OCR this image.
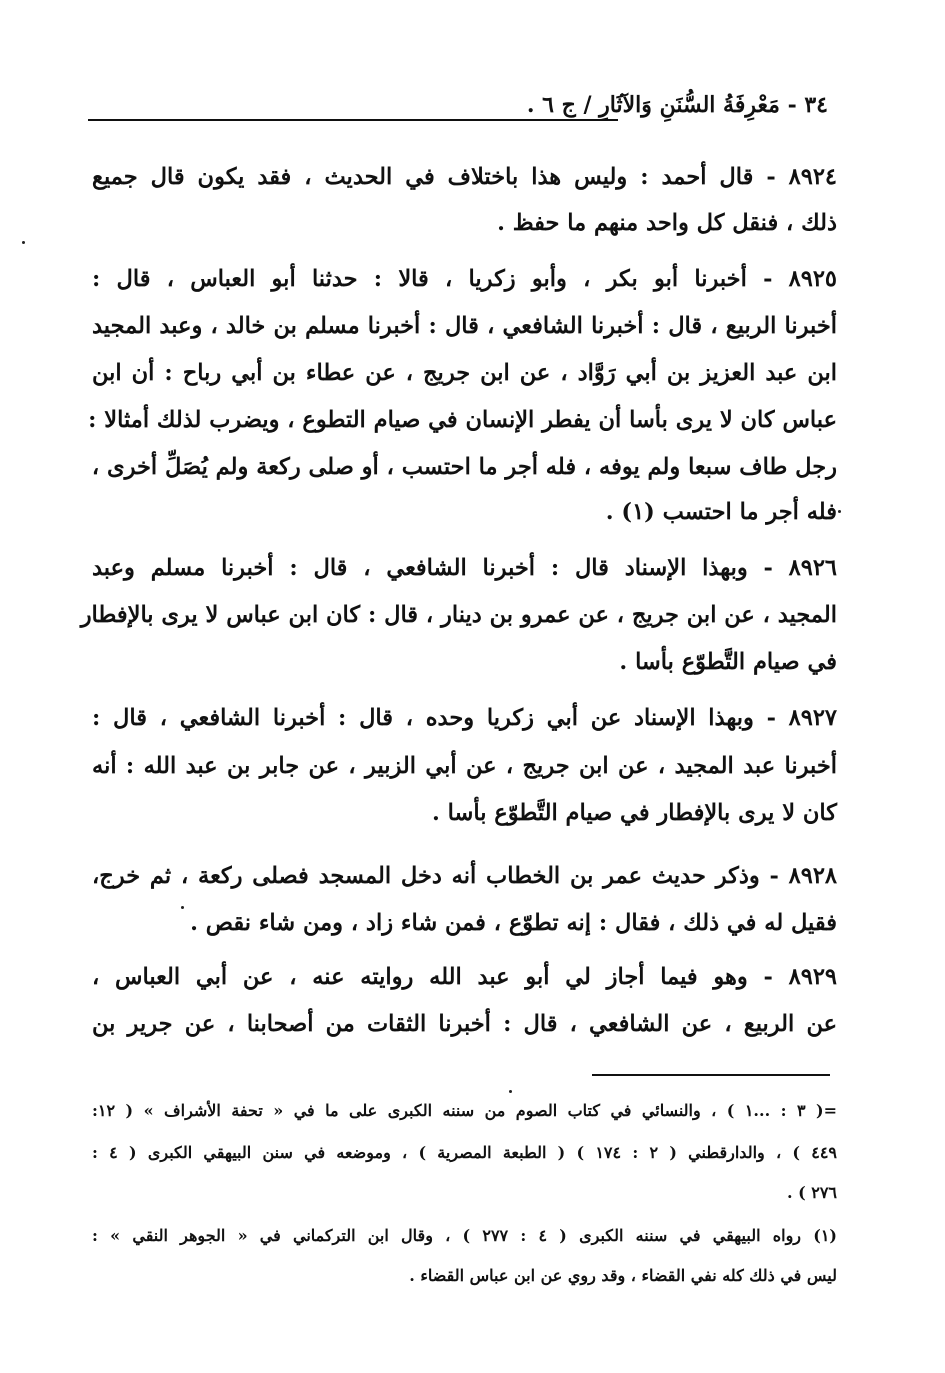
٣٤ - مَعْرِفَةُ السُّنَنِ وَالآثَارِ / ج ٦ .
٨٩٢٤ - قال أحمد : وليس هذا باختلاف في الحديث ، فقد يكون قال جميع
ذلك ، فنقل كل واحد منهم ما حفظ .
٨٩٢٥ - أخبرنا أبو بكر ، وأبو زكريا ، قالا : حدثنا أبو العباس ، قال :
أخبرنا الربيع ، قال : أخبرنا الشافعي ، قال : أخبرنا مسلم بن خالد ، وعبد المجيد
ابن عبد العزيز بن أبي رَوَّاد ، عن ابن جريج ، عن عطاء بن أبي رباح : أن ابن
عباس كان لا يرى بأسا أن يفطر الإنسان في صيام التطوع ، ويضرب لذلك أمثالا :
رجل طاف سبعا ولم يوفه ، فله أجر ما احتسب ، أو صلى ركعة ولم يُصَلِّ أخرى ،
فله أجر ما احتسب (١) .
٨٩٢٦ - وبهذا الإسناد قال : أخبرنا الشافعي ، قال : أخبرنا مسلم وعبد
المجيد ، عن ابن جريج ، عن عمرو بن دينار ، قال : كان ابن عباس لا يرى بالإفطار
في صيام التَّطوّع بأسا .
٨٩٢٧ - وبهذا الإسناد عن أبي زكريا وحده ، قال : أخبرنا الشافعي ، قال :
أخبرنا عبد المجيد ، عن ابن جريج ، عن أبي الزبير ، عن جابر بن عبد الله : أنه
كان لا يرى بالإفطار في صيام التَّطوّع بأسا .
٨٩٢٨ - وذكر حديث عمر بن الخطاب أنه دخل المسجد فصلى ركعة ، ثم خرج،
فقيل له في ذلك ، فقال : إنه تطوّع ، فمن شاء زاد ، ومن شاء نقص .
٨٩٢٩ - وهو فيما أجاز لي أبو عبد الله روايته عنه ، عن أبي العباس ،
عن الربيع ، عن الشافعي ، قال : أخبرنا الثقات من أصحابنا ، عن جرير بن
=( ٣ : ...١ ) ، والنسائي في كتاب الصوم من سننه الكبرى على ما في « تحفة الأشراف » ( ١٢:
٤٤٩ ) ، والدارقطني ( ٢ : ١٧٤ ) ( الطبعة المصرية ) ، وموضعه في سنن البيهقي الكبرى ( ٤ :
٢٧٦ ) .
(١) رواه البيهقي في سننه الكبرى ( ٤ : ٢٧٧ ) ، وقال ابن التركماني في « الجوهر النقي » :
ليس في ذلك كله نفي القضاء ، وقد روي عن ابن عباس القضاء .
